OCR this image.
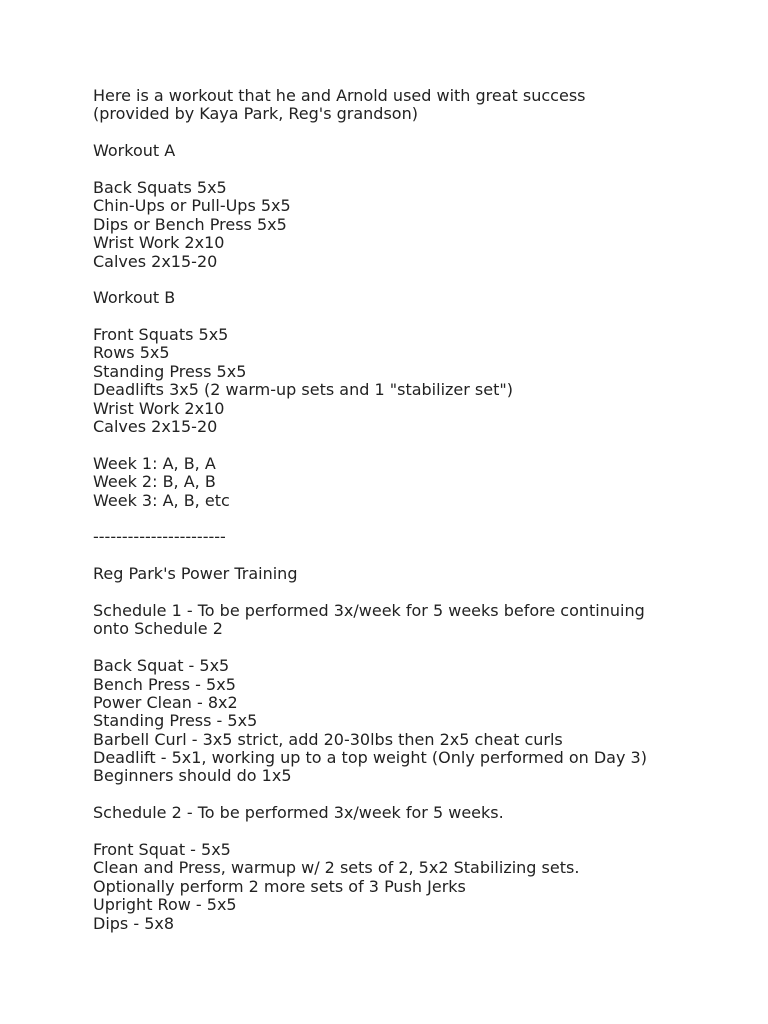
Here is a workout that he and Arnold used with great success
(provided by Kaya Park, Reg's grandson)
Workout A
Back Squats 5x5
Chin-Ups or Pull-Ups 5x5
Dips or Bench Press 5x5
Wrist Work 2x10
Calves 2x15-20
Workout B
Front Squats 5x5
Rows 5x5
Standing Press 5x5
Deadlifts 3x5 (2 warm-up sets and 1 "stabilizer set")
Wrist Work 2x10
Calves 2x15-20
Week 1: A, B, A
Week 2: B, A, B
Week 3: A, B, etc
-----------------------
Reg Park's Power Training
Schedule 1 - To be performed 3x/week for 5 weeks before continuing
onto Schedule 2
Back Squat - 5x5
Bench Press - 5x5
Power Clean - 8x2
Standing Press - 5x5
Barbell Curl - 3x5 strict, add 20-30lbs then 2x5 cheat curls
Deadlift - 5x1, working up to a top weight (Only performed on Day 3)
Beginners should do 1x5
Schedule 2 - To be performed 3x/week for 5 weeks.
Front Squat - 5x5
Clean and Press, warmup w/ 2 sets of 2, 5x2 Stabilizing sets.
Optionally perform 2 more sets of 3 Push Jerks
Upright Row - 5x5
Dips - 5x8
